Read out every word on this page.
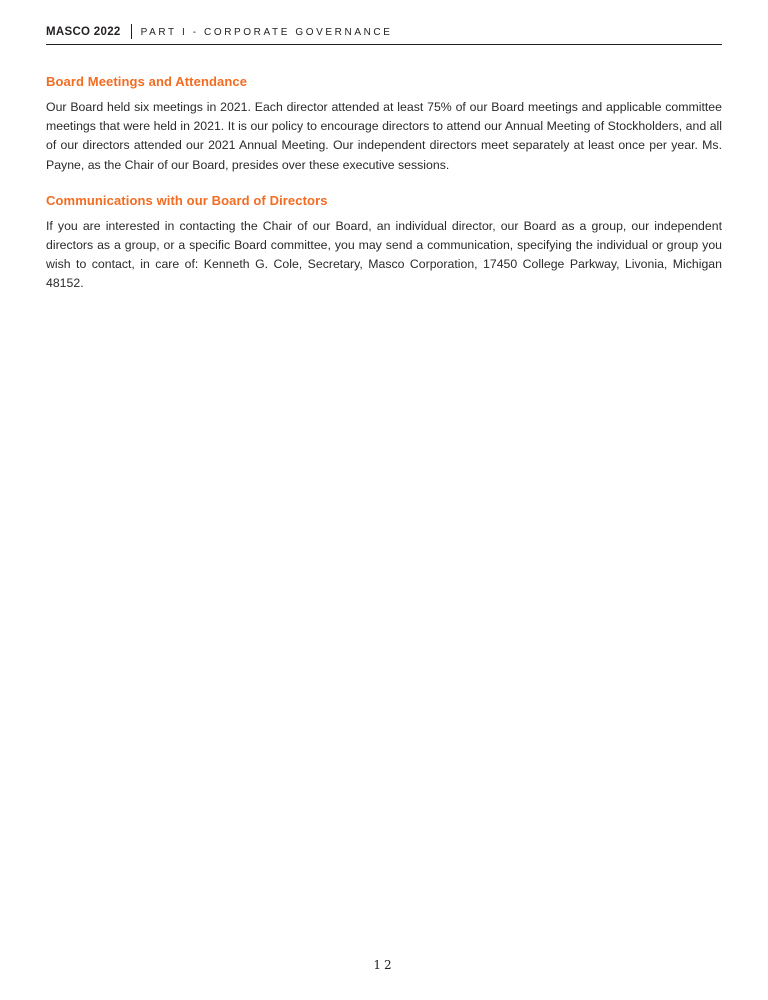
MASCO 2022 PART I - CORPORATE GOVERNANCE
Board Meetings and Attendance
Our Board held six meetings in 2021. Each director attended at least 75% of our Board meetings and applicable committee meetings that were held in 2021. It is our policy to encourage directors to attend our Annual Meeting of Stockholders, and all of our directors attended our 2021 Annual Meeting. Our independent directors meet separately at least once per year. Ms. Payne, as the Chair of our Board, presides over these executive sessions.
Communications with our Board of Directors
If you are interested in contacting the Chair of our Board, an individual director, our Board as a group, our independent directors as a group, or a specific Board committee, you may send a communication, specifying the individual or group you wish to contact, in care of: Kenneth G. Cole, Secretary, Masco Corporation, 17450 College Parkway, Livonia, Michigan 48152.
12
